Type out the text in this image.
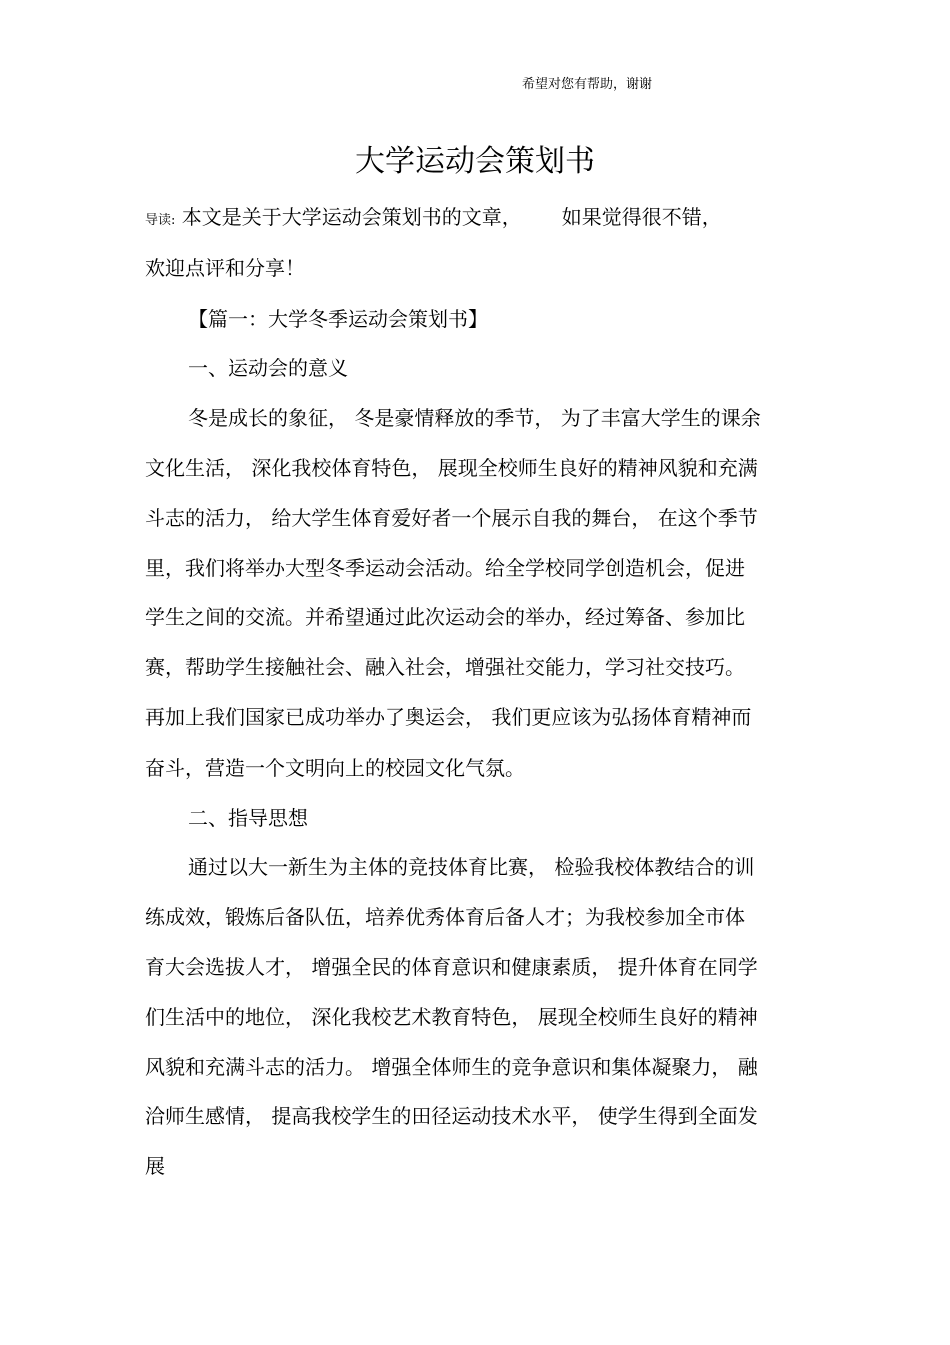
希望对您有帮助，谢谢
大学运动会策划书
导读: 本文是关于大学运动会策划书的文章， 如果觉得很不错，
欢迎点评和分享！
【篇一：大学冬季运动会策划书】
一、运动会的意义
冬是成长的象征， 冬是豪情释放的季节， 为了丰富大学生的课余
文化生活， 深化我校体育特色， 展现全校师生良好的精神风貌和充满
斗志的活力， 给大学生体育爱好者一个展示自我的舞台， 在这个季节
里，我们将举办大型冬季运动会活动。给全学校同学创造机会，促进
学生之间的交流。并希望通过此次运动会的举办，经过筹备、参加比
赛，帮助学生接触社会、融入社会，增强社交能力，学习社交技巧。
再加上我们国家已成功举办了奥运会， 我们更应该为弘扬体育精神而
奋斗，营造一个文明向上的校园文化气氛。
二、指导思想
通过以大一新生为主体的竞技体育比赛， 检验我校体教结合的训
练成效，锻炼后备队伍，培养优秀体育后备人才；为我校参加全市体
育大会选拔人才， 增强全民的体育意识和健康素质， 提升体育在同学
们生活中的地位， 深化我校艺术教育特色， 展现全校师生良好的精神
风貌和充满斗志的活力。 增强全体师生的竞争意识和集体凝聚力， 融
洽师生感情， 提高我校学生的田径运动技术水平， 使学生得到全面发
展
